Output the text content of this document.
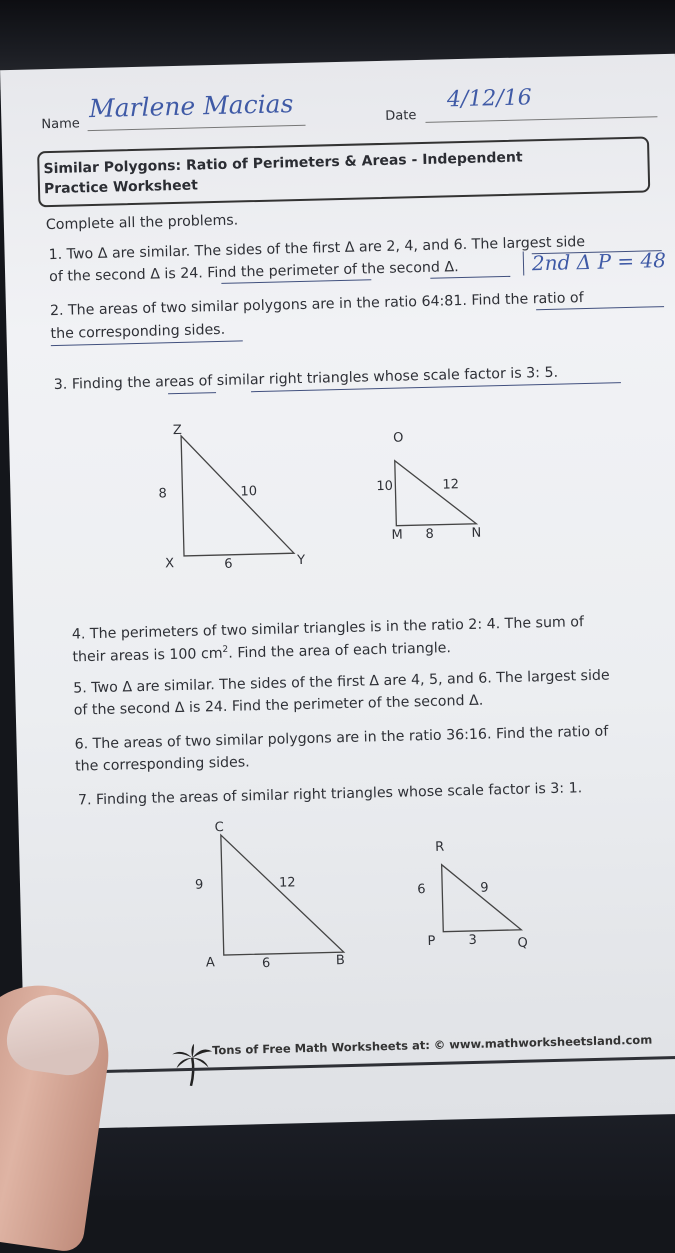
Name
Marlene Macias	Date
4/12/16
Similar Polygons: Ratio of Perimeters & Areas - Independent
Practice Worksheet
Complete all the problems.
1. Two Δ are similar. The sides of the first Δ are 2, 4, and 6. The largest side
of the second Δ is 24. Find the perimeter of the second Δ.	2nd Δ P = 48
2. The areas of two similar polygons are in the ratio 64:81. Find the ratio of
the corresponding sides.
3. Finding the areas of similar right triangles whose scale factor is 3: 5.
Z
8	10
X	6	Y
O
10	12
M 8	N
4. The perimeters of two similar triangles is in the ratio 2: 4. The sum of
their areas is 100 $cm^2$. Find the area of each triangle.
5. Two Δ are similar. The sides of the first Δ are 4, 5, and 6. The largest side
of the second Δ is 24. Find the perimeter of the second Δ.
6. The areas of two similar polygons are in the ratio 36:16. Find the ratio of
the corresponding sides.
7. Finding the areas of similar right triangles whose scale factor is 3: 1.
C
9	12
A	6	B
R
6	9
P	3	Q
Tons of Free Math Worksheets at: © www.mathworksheetsland.com
